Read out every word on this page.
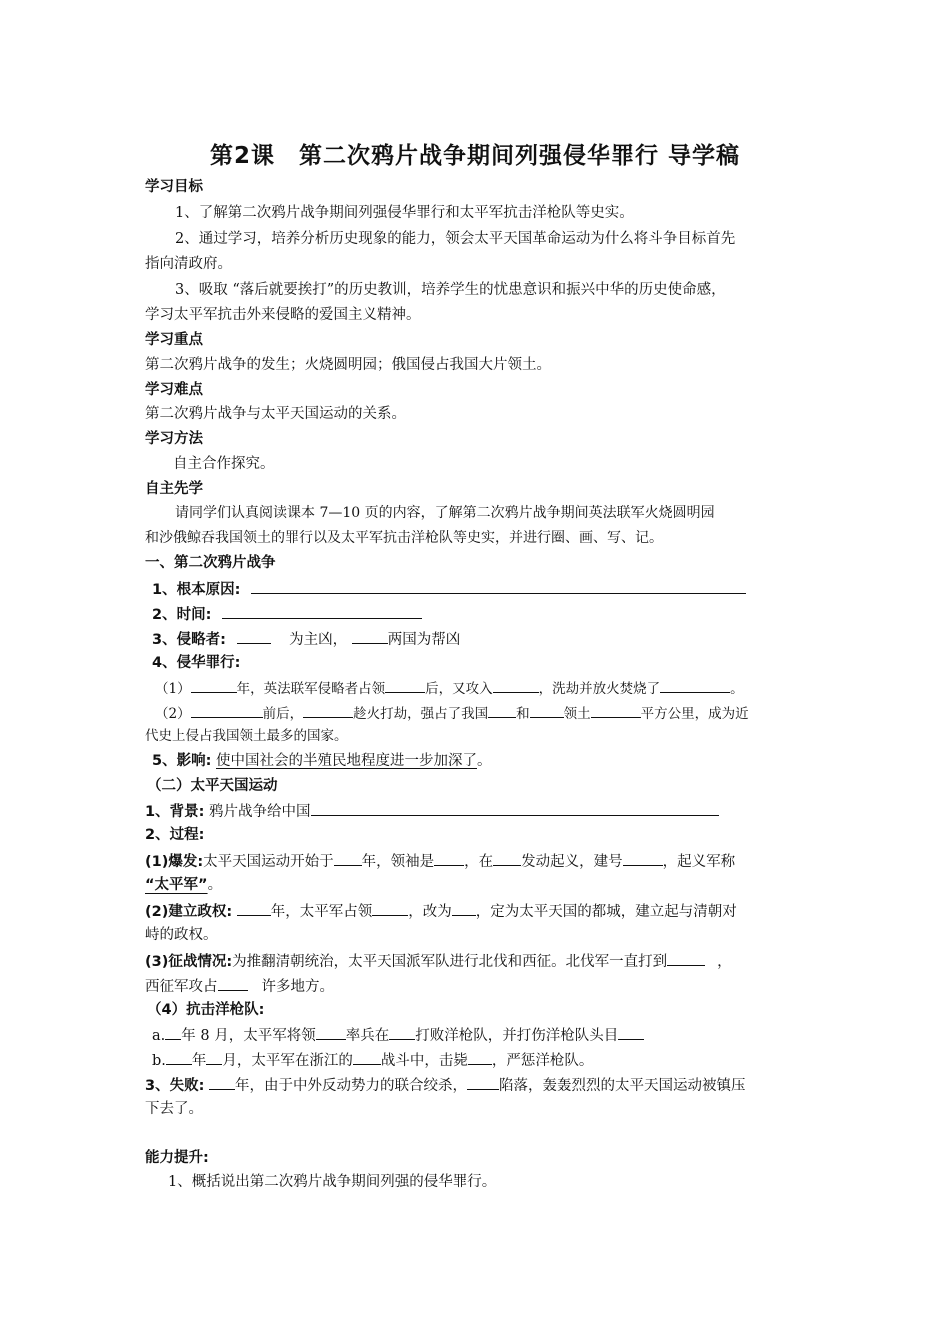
第2课　第二次鸦片战争期间列强侵华罪行 导学稿
学习目标
1、了解第二次鸦片战争期间列强侵华罪行和太平军抗击洋枪队等史实。
2、通过学习，培养分析历史现象的能力，领会太平天国革命运动为什么将斗争目标首先
指向清政府。
3、吸取 “落后就要挨打”的历史教训，培养学生的忧患意识和振兴中华的历史使命感，
学习太平军抗击外来侵略的爱国主义精神。
学习重点
第二次鸦片战争的发生；火烧圆明园；俄国侵占我国大片领土。
学习难点
第二次鸦片战争与太平天国运动的关系。
学习方法
自主合作探究。
自主先学
请同学们认真阅读课本 7—10 页的内容，了解第二次鸦片战争期间英法联军火烧圆明园
和沙俄鲸吞我国领土的罪行以及太平军抗击洋枪队等史实，并进行圈、画、写、记。
一、第二次鸦片战争
1、根本原因:
2、时间:
3、侵略者:	为主凶，	两国为帮凶
4、侵华罪行:
（1）	年，英法联军侵略者占领	后，又攻入	，洗劫并放火焚烧了	。
（2）	前后，	趁火打劫，强占了我国 和	领土	平方公里，成为近
代史上侵占我国领土最多的国家。
5、影响: 使中国社会的半殖民地程度进一步加深了。
（二）太平天国运动
1、背景: 鸦片战争给中国
2、过程:
(1)爆发:太平天国运动开始于 年，领袖是 ，在 发动起义，建号	，起义军称
“太平军”。
(2)建立政权:	年，太平军占领 ，改为 ，定为太平天国的都城，建立起与清朝对
峙的政权。
(3)征战情况:为推翻清朝统治，太平天国派军队进行北伐和西征。北伐军一直打到	，
西征军攻占	许多地方。
（4）抗击洋枪队:
a. 年 8 月，太平军将领 率兵在 打败洋枪队，并打伤洋枪队头目
b. 年 月，太平军在浙江的 战斗中，击毙 ，严惩洋枪队。
3、失败: 年，由于中外反动势力的联合绞杀， 陷落，轰轰烈烈的太平天国运动被镇压
下去了。
能力提升:
1、概括说出第二次鸦片战争期间列强的侵华罪行。
